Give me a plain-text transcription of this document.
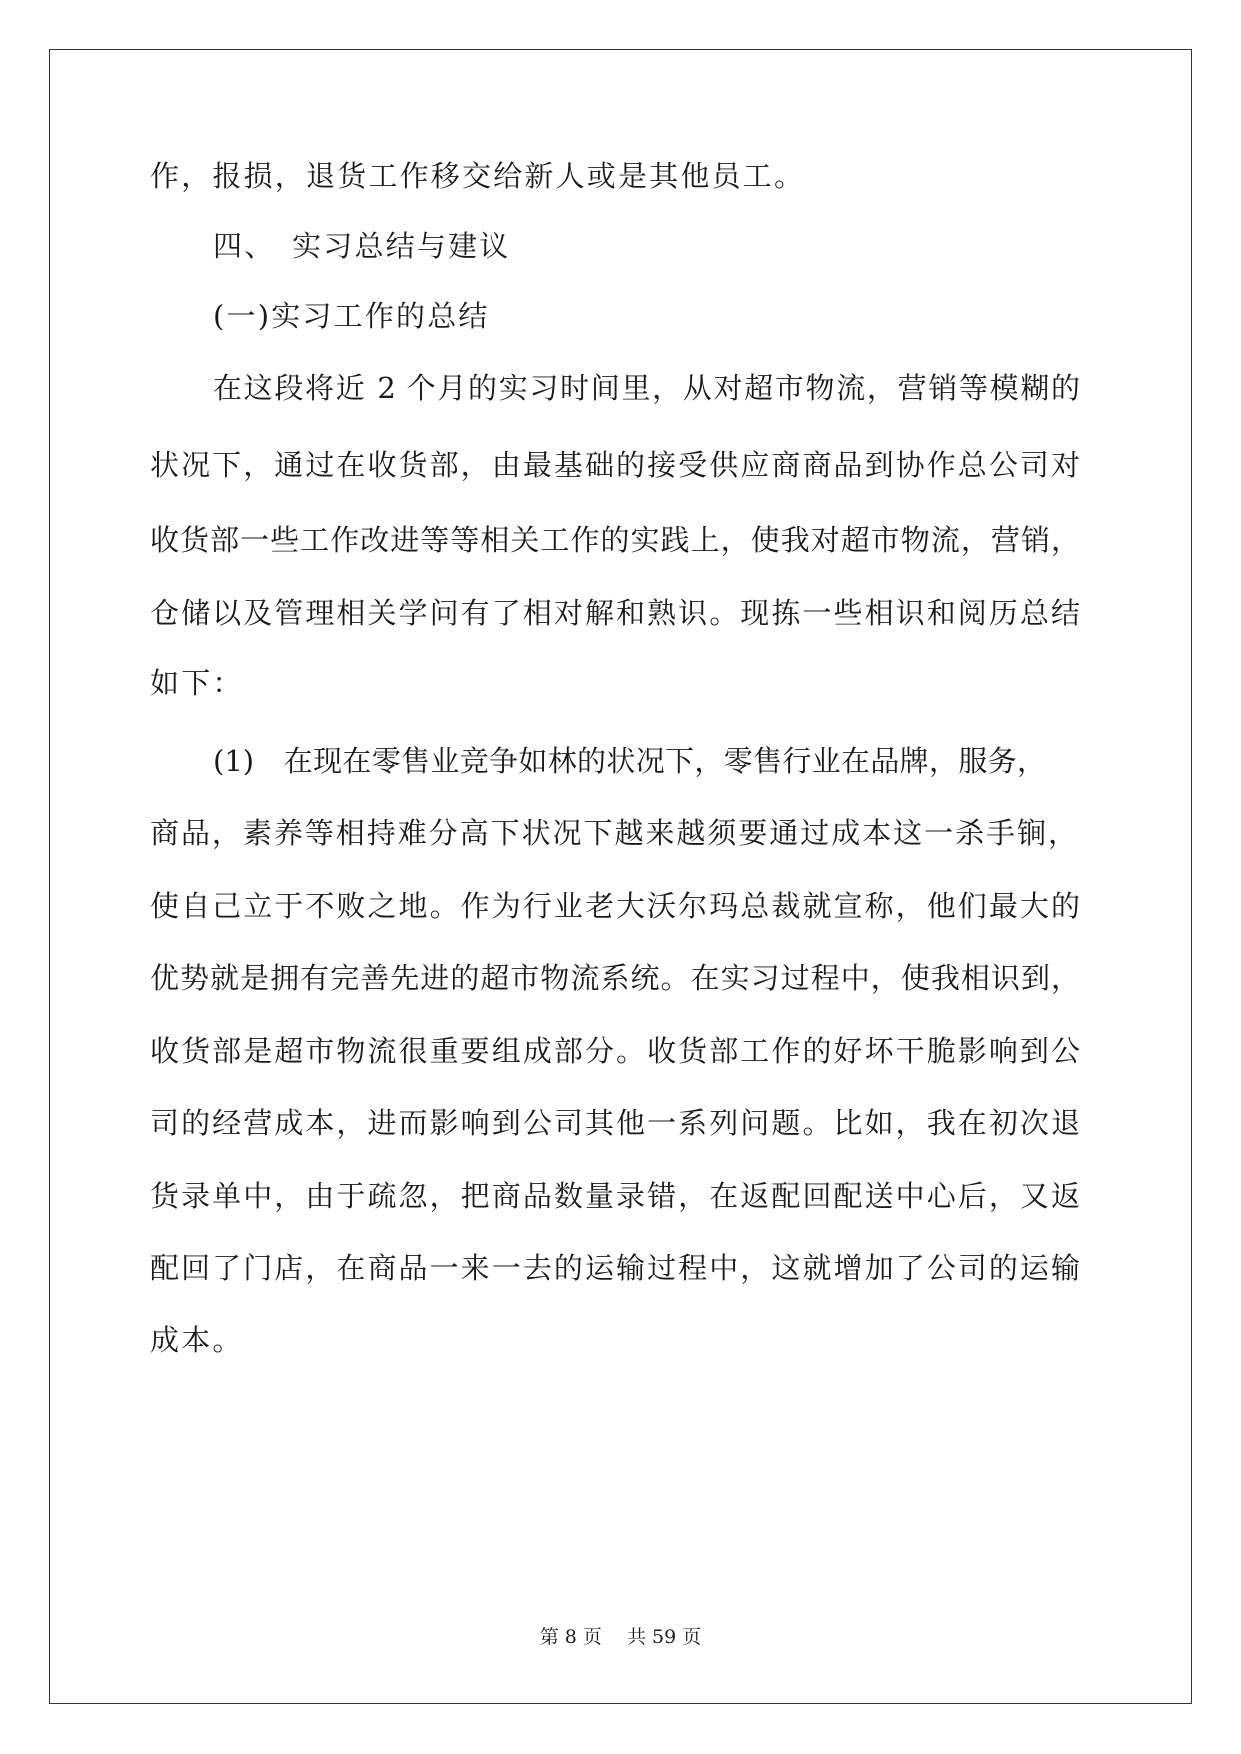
作，报损，退货工作移交给新人或是其他员工。
四、　实习总结与建议
(一)实习工作的总结
在这段将近 2 个月的实习时间里，从对超市物流，营销等模糊的
状况下，通过在收货部，由最基础的接受供应商商品到协作总公司对
收货部一些工作改进等等相关工作的实践上，使我对超市物流，营销，
仓储以及管理相关学问有了相对解和熟识。现拣一些相识和阅历总结
如下：
(1)　在现在零售业竞争如林的状况下，零售行业在品牌，服务，
商品，素养等相持难分高下状况下越来越须要通过成本这一杀手锏，
使自己立于不败之地。作为行业老大沃尔玛总裁就宣称，他们最大的
优势就是拥有完善先进的超市物流系统。在实习过程中，使我相识到，
收货部是超市物流很重要组成部分。收货部工作的好坏干脆影响到公
司的经营成本，进而影响到公司其他一系列问题。比如，我在初次退
货录单中，由于疏忽，把商品数量录错，在返配回配送中心后，又返
配回了门店，在商品一来一去的运输过程中，这就增加了公司的运输
成本。
第 8 页　 共 59 页
